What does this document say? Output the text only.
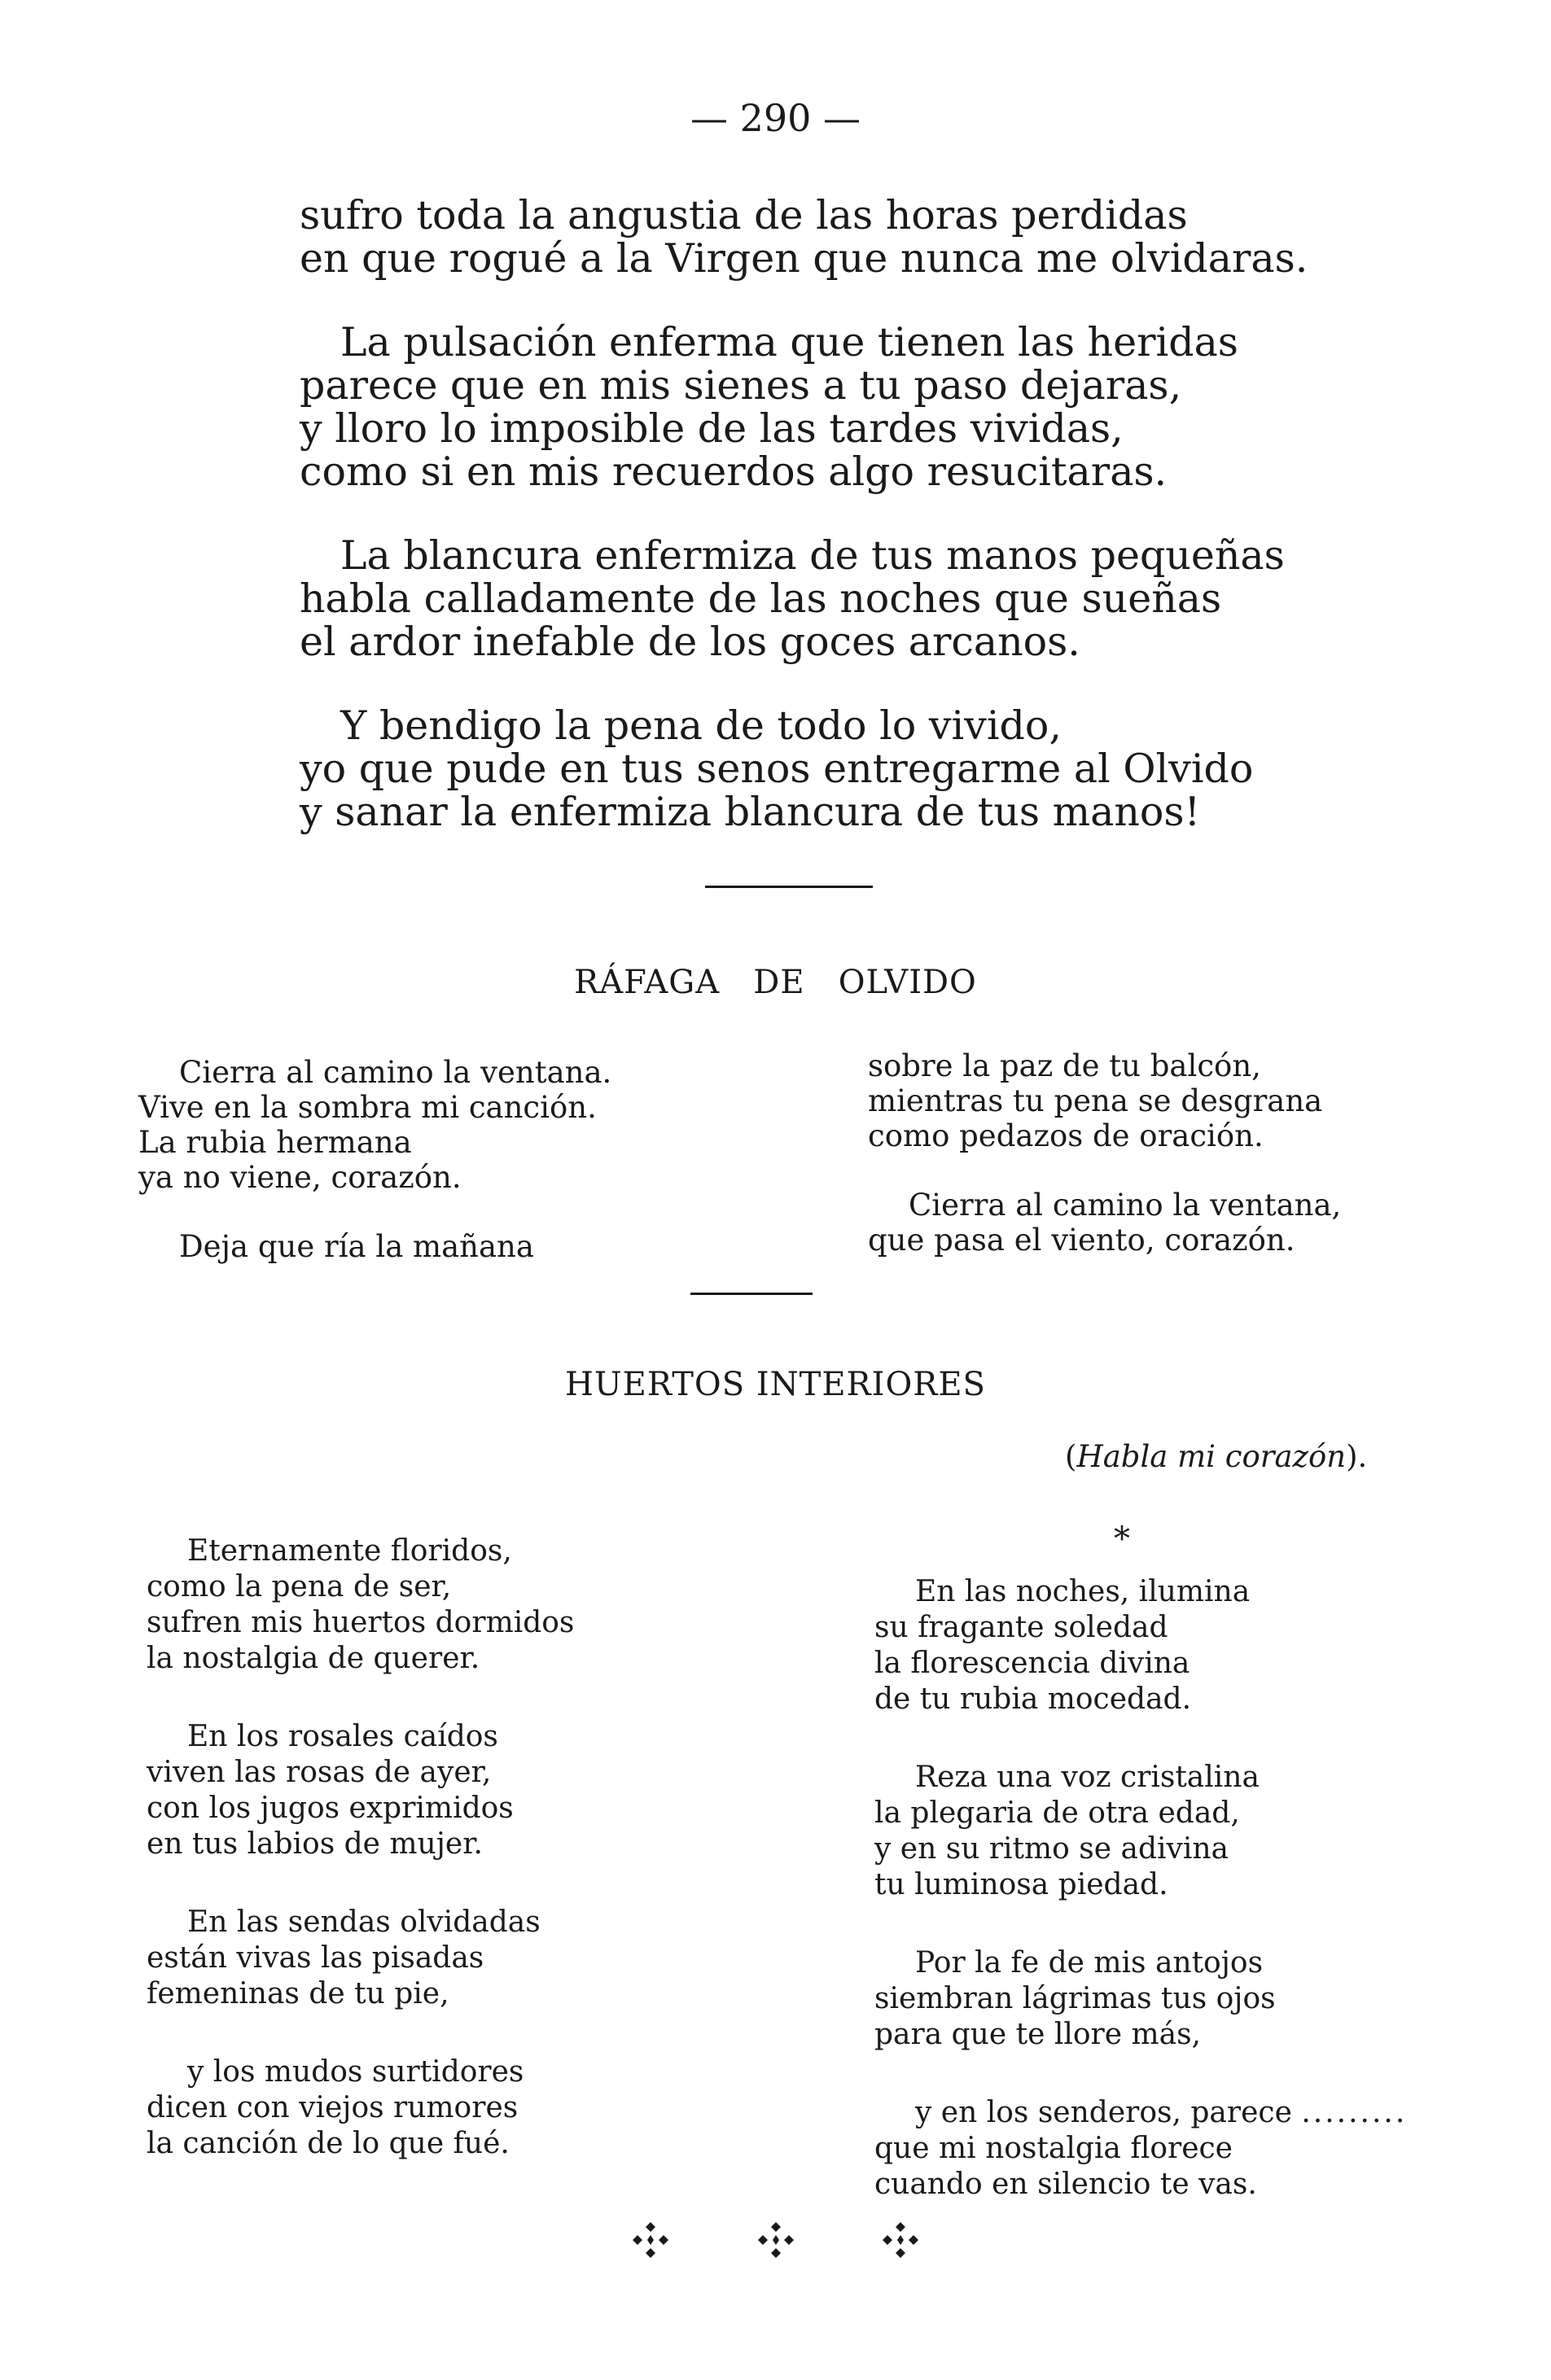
— 290 —
sufro toda la angustia de las horas perdidas
en que rogué a la Virgen que nunca me olvidaras.
La pulsación enferma que tienen las heridas
parece que en mis sienes a tu paso dejaras,
y lloro lo imposible de las tardes vividas,
como si en mis recuerdos algo resucitaras.
La blancura enfermiza de tus manos pequeñas
habla calladamente de las noches que sueñas
el ardor inefable de los goces arcanos.
Y bendigo la pena de todo lo vivido,
yo que pude en tus senos entregarme al Olvido
y sanar la enfermiza blancura de tus manos!
RÁFAGA   DE   OLVIDO
Cierra al camino la ventana.
Vive en la sombra mi canción.
La rubia hermana
ya no viene, corazón.
Deja que ría la mañana
sobre la paz de tu balcón,
mientras tu pena se desgrana
como pedazos de oración.
Cierra al camino la ventana,
que pasa el viento, corazón.
HUERTOS INTERIORES
(Habla mi corazón).
Eternamente floridos,
como la pena de ser,
sufren mis huertos dormidos
la nostalgia de querer.
En los rosales caídos
viven las rosas de ayer,
con los jugos exprimidos
en tus labios de mujer.
En las sendas olvidadas
están vivas las pisadas
femeninas de tu pie,
y los mudos surtidores
dicen con viejos rumores
la canción de lo que fué.
*
En las noches, ilumina
su fragante soledad
la florescencia divina
de tu rubia mocedad.
Reza una voz cristalina
la plegaria de otra edad,
y en su ritmo se adivina
tu luminosa piedad.
Por la fe de mis antojos
siembran lágrimas tus ojos
para que te llore más,
y en los senderos, parece .........
que mi nostalgia florece
cuando en silencio te vas.
